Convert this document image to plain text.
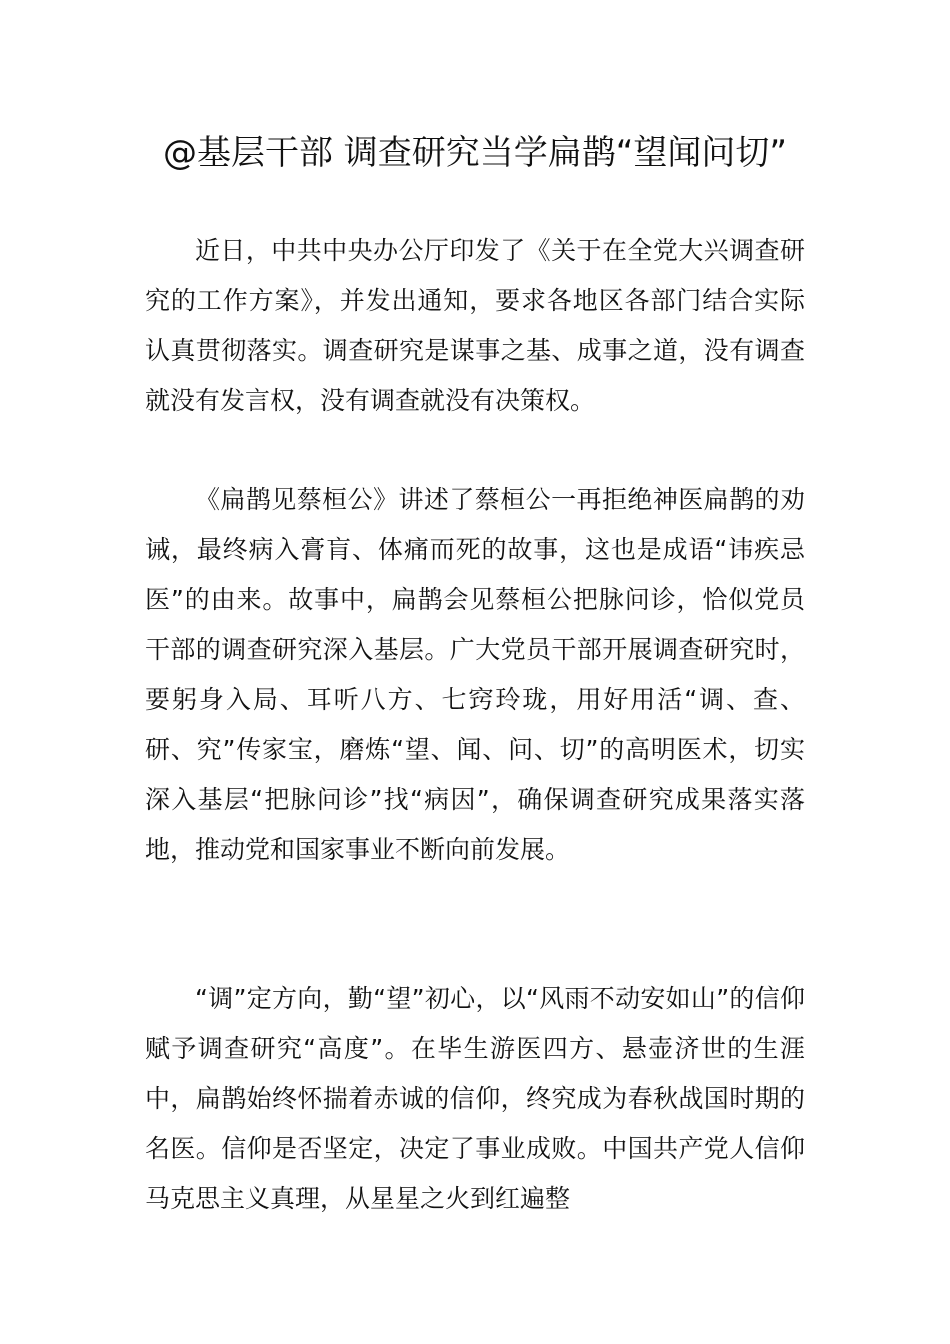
@基层干部 调查研究当学扁鹊“望闻问切”

近日，中共中央办公厅印发了《关于在全党大兴调查研究的工作方案》，并发出通知，要求各地区各部门结合实际认真贯彻落实。调查研究是谋事之基、成事之道，没有调查就没有发言权，没有调查就没有决策权。

《扁鹊见蔡桓公》讲述了蔡桓公一再拒绝神医扁鹊的劝诫，最终病入膏肓、体痛而死的故事，这也是成语“讳疾忌医”的由来。故事中，扁鹊会见蔡桓公把脉问诊，恰似党员干部的调查研究深入基层。广大党员干部开展调查研究时，要躬身入局、耳听八方、七窍玲珑，用好用活“调、查、研、究”传家宝，磨炼“望、闻、问、切”的高明医术，切实深入基层“把脉问诊”找“病因”，确保调查研究成果落实落地，推动党和国家事业不断向前发展。

“调”定方向，勤“望”初心，以“风雨不动安如山”的信仰赋予调查研究“高度”。在毕生游医四方、悬壶济世的生涯中，扁鹊始终怀揣着赤诚的信仰，终究成为春秋战国时期的名医。信仰是否坚定，决定了事业成败。中国共产党人信仰马克思主义真理，从星星之火到红遍整
